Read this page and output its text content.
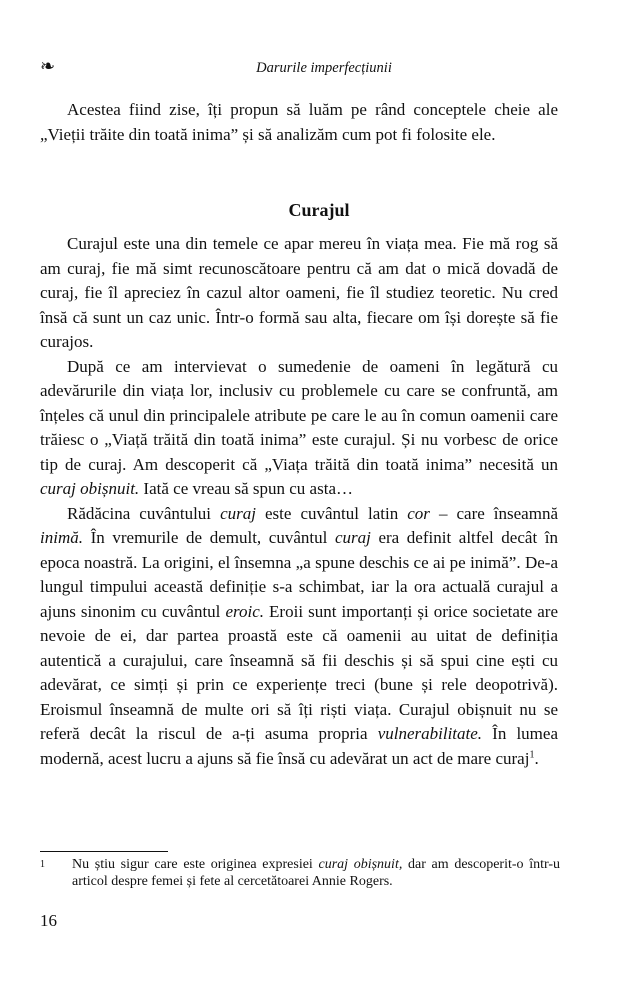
❧	Darurile imperfecțiunii

Acestea fiind zise, îți propun să luăm pe rând conceptele cheie ale „Vieții trăite din toată inima” și să analizăm cum pot fi folosite ele.

Curajul

Curajul este una din temele ce apar mereu în viața mea. Fie mă rog să am curaj, fie mă simt recunoscătoare pentru că am dat o mică dovadă de curaj, fie îl apreciez în cazul altor oameni, fie îl studiez teoretic. Nu cred însă că sunt un caz unic. Într-o formă sau alta, fiecare om își dorește să fie curajos.

După ce am intervievat o sumedenie de oameni în legătură cu adevărurile din viața lor, inclusiv cu problemele cu care se confruntă, am înțeles că unul din principalele atribute pe care le au în comun oamenii care trăiesc o „Viață trăită din toată inima” este curajul. Și nu vorbesc de orice tip de curaj. Am descoperit că „Viața trăită din toată inima” necesită un curaj obișnuit. Iată ce vreau să spun cu asta…

Rădăcina cuvântului curaj este cuvântul latin cor – care înseamnă inimă. În vremurile de demult, cuvântul curaj era definit altfel decât în epoca noastră. La origini, el însemna „a spune deschis ce ai pe inimă”. De-a lungul timpului această definiție s-a schimbat, iar la ora actuală curajul a ajuns sinonim cu cuvântul eroic. Eroii sunt importanți și orice societate are nevoie de ei, dar partea proastă este că oamenii au uitat de definiția autentică a curajului, care înseamnă să fii deschis și să spui cine ești cu adevărat, ce simți și prin ce experiențe treci (bune și rele deopotrivă). Eroismul înseamnă de multe ori să îți riști viața. Curajul obișnuit nu se referă decât la riscul de a-ți asuma propria vulnerabilitate. În lumea modernă, acest lucru a ajuns să fie însă cu adevărat un act de mare curaj$^1$.

1 Nu știu sigur care este originea expresiei curaj obișnuit, dar am descoperit-o într-u articol despre femei și fete al cercetătoarei Annie Rogers.
16
